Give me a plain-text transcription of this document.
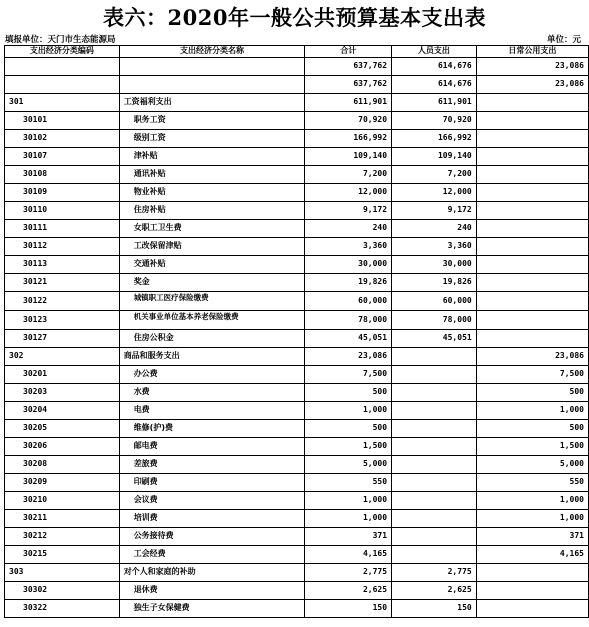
表六：2020年一般公共预算基本支出表
填报单位：天门市生态能源局	单位：元
支出经济分类编码	支出经济分类名称	合计	人员支出	日常公用支出
		637,762	614,676	23,086
		637,762	614,676	23,086
301	工资福利支出	611,901	611,901	
30101	职务工资	70,920	70,920	
30102	级别工资	166,992	166,992	
30107	津补贴	109,140	109,140	
30108	通讯补贴	7,200	7,200	
30109	物业补贴	12,000	12,000	
30110	住房补贴	9,172	9,172	
30111	女职工卫生费	240	240	
30112	工改保留津贴	3,360	3,360	
30113	交通补贴	30,000	30,000	
30121	奖金	19,826	19,826	
30122	城镇职工医疗保险缴费	60,000	60,000	
30123	机关事业单位基本养老保险缴费	78,000	78,000	
30127	住房公积金	45,051	45,051	
302	商品和服务支出	23,086		23,086
30201	办公费	7,500		7,500
30203	水费	500		500
30204	电费	1,000		1,000
30205	维修(护)费	500		500
30206	邮电费	1,500		1,500
30208	差旅费	5,000		5,000
30209	印刷费	550		550
30210	会议费	1,000		1,000
30211	培训费	1,000		1,000
30212	公务接待费	371		371
30215	工会经费	4,165		4,165
303	对个人和家庭的补助	2,775	2,775	
30302	退休费	2,625	2,625	
30322	独生子女保健费	150	150	
